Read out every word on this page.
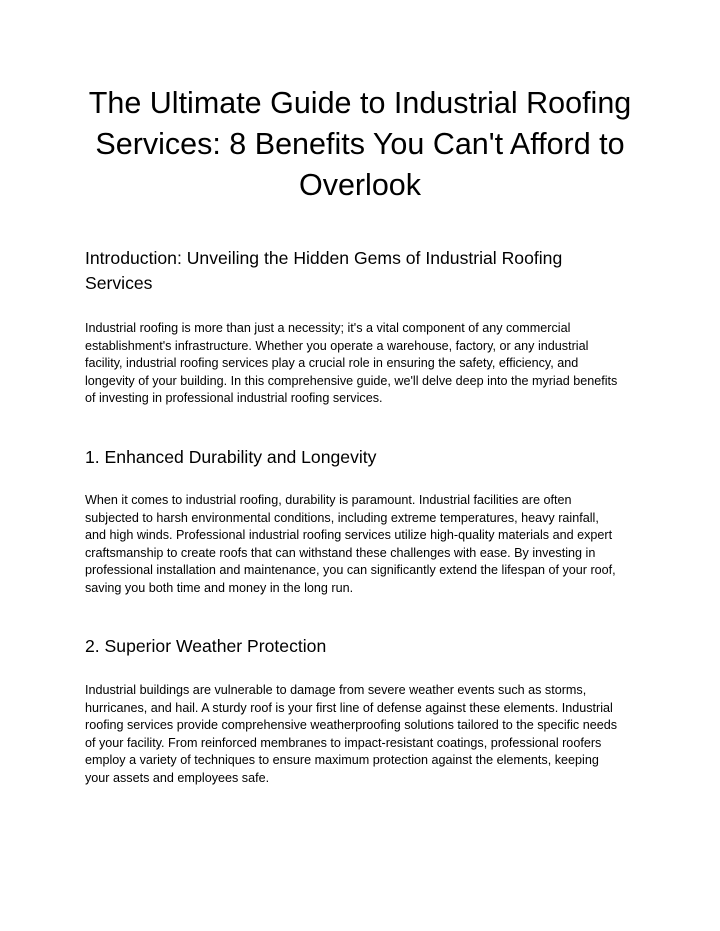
The Ultimate Guide to Industrial Roofing
Services: 8 Benefits You Can't Afford to
Overlook
Introduction: Unveiling the Hidden Gems of Industrial Roofing
Services
Industrial roofing is more than just a necessity; it's a vital component of any commercial
establishment's infrastructure. Whether you operate a warehouse, factory, or any industrial
facility, industrial roofing services play a crucial role in ensuring the safety, efficiency, and
longevity of your building. In this comprehensive guide, we'll delve deep into the myriad benefits
of investing in professional industrial roofing services.
1. Enhanced Durability and Longevity
When it comes to industrial roofing, durability is paramount. Industrial facilities are often
subjected to harsh environmental conditions, including extreme temperatures, heavy rainfall,
and high winds. Professional industrial roofing services utilize high-quality materials and expert
craftsmanship to create roofs that can withstand these challenges with ease. By investing in
professional installation and maintenance, you can significantly extend the lifespan of your roof,
saving you both time and money in the long run.
2. Superior Weather Protection
Industrial buildings are vulnerable to damage from severe weather events such as storms,
hurricanes, and hail. A sturdy roof is your first line of defense against these elements. Industrial
roofing services provide comprehensive weatherproofing solutions tailored to the specific needs
of your facility. From reinforced membranes to impact-resistant coatings, professional roofers
employ a variety of techniques to ensure maximum protection against the elements, keeping
your assets and employees safe.
